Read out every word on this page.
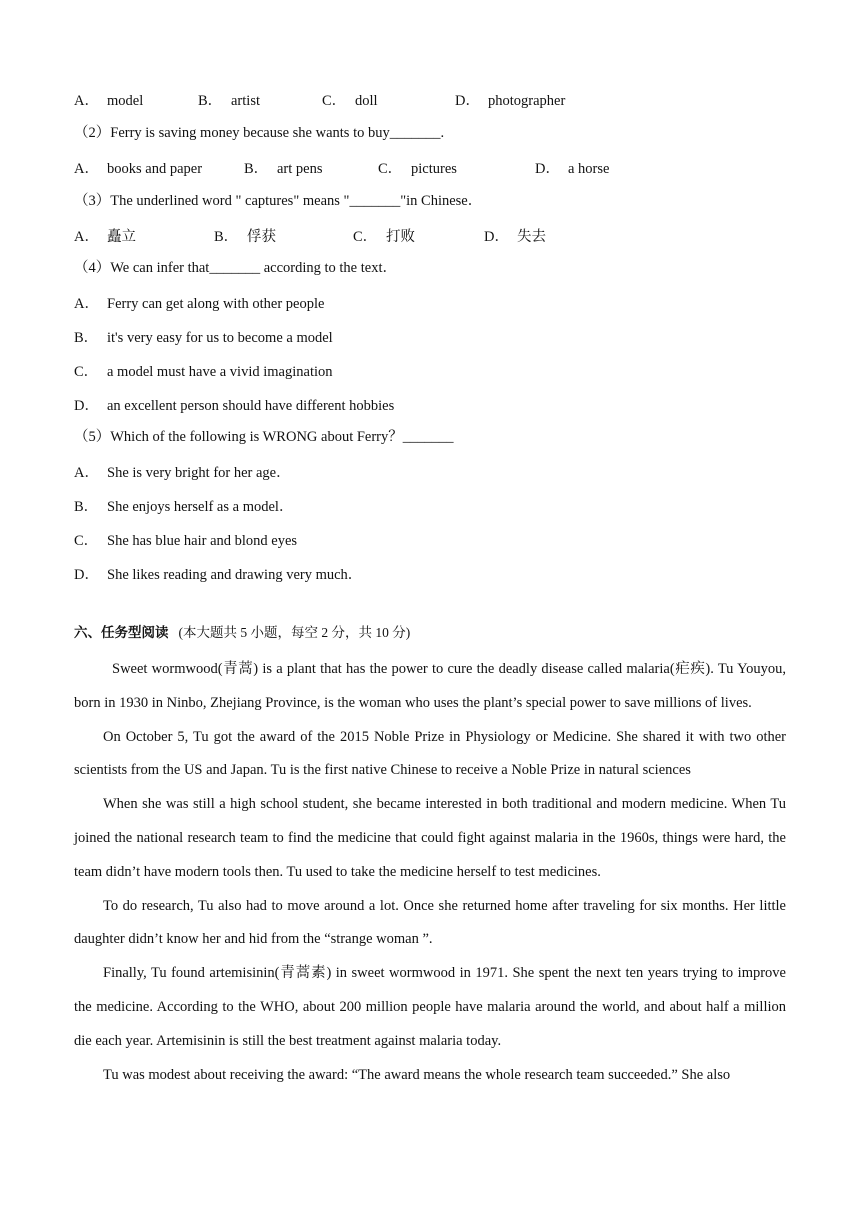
A． model	B． artist	C． doll	D． photographer
（2）Ferry is saving money because she wants to buy_______.
A． books and paper	B． art pens	C． pictures	D． a horse
（3）The underlined word " captures" means "_______"in Chinese．
A． 矗立	B． 俘获	C． 打败	D． 失去
（4）We can infer that_______ according to the text．
A． Ferry can get along with other people
B． it's very easy for us to become a model
C． a model must have a vivid imagination
D． an excellent person should have different hobbies
（5）Which of the following is WRONG about Ferry？_______
A． She is very bright for her age．
B． She enjoys herself as a model．
C． She has blue hair and blond eyes
D． She likes reading and drawing very much．
六、任务型阅读 (本大题共 5 小题，每空 2 分，共 10 分)

Sweet wormwood(青蒿) is a plant that has the power to cure the deadly disease called malaria(疟疾). Tu Youyou, born in 1930 in Ninbo, Zhejiang Province, is the woman who uses the plant’s special power to save millions of lives.

On October 5, Tu got the award of the 2015 Noble Prize in Physiology or Medicine. She shared it with two other scientists from the US and Japan. Tu is the first native Chinese to receive a Noble Prize in natural sciences

When she was still a high school student, she became interested in both traditional and modern medicine. When Tu joined the national research team to find the medicine that could fight against malaria in the 1960s, things were hard, the team didn’t have modern tools then. Tu used to take the medicine herself to test medicines.

To do research, Tu also had to move around a lot. Once she returned home after traveling for six months. Her little daughter didn’t know her and hid from the “strange woman ”.

Finally, Tu found artemisinin(青蒿素) in sweet wormwood in 1971. She spent the next ten years trying to improve the medicine. According to the WHO, about 200 million people have malaria around the world, and about half a million die each year. Artemisinin is still the best treatment against malaria today.

Tu was modest about receiving the award: “The award means the whole research team succeeded.” She also
